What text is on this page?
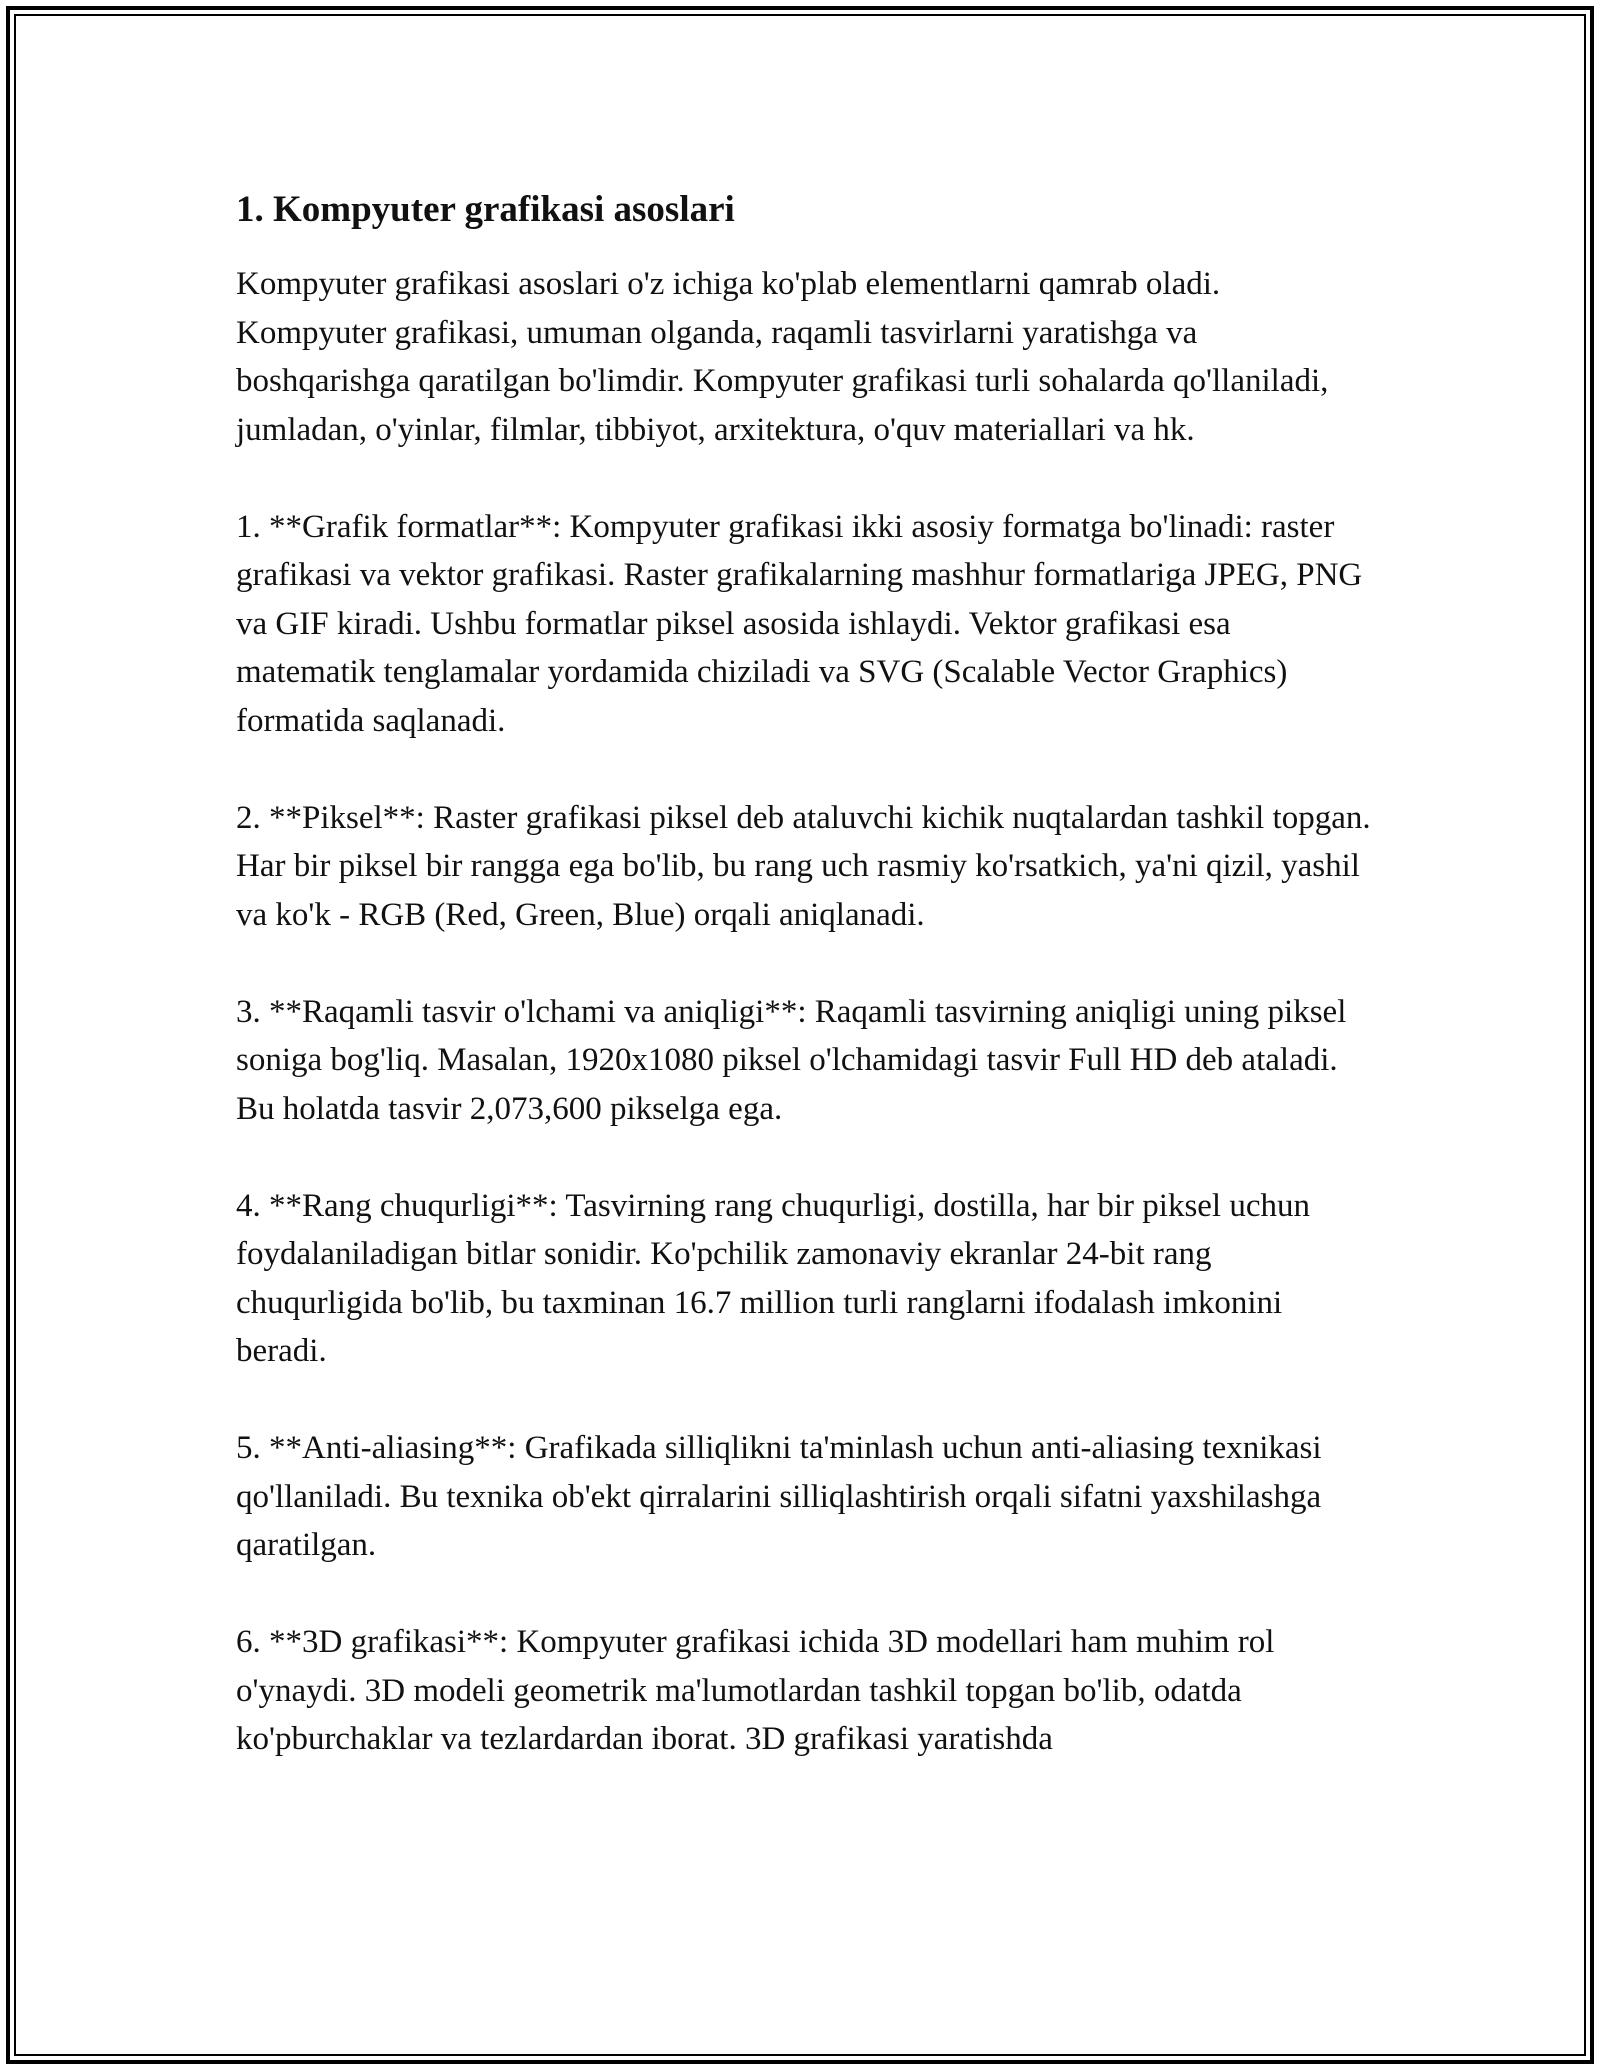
1. Kompyuter grafikasi asoslari

Kompyuter grafikasi asoslari o'z ichiga ko'plab elementlarni qamrab oladi. Kompyuter grafikasi, umuman olganda, raqamli tasvirlarni yaratishga va boshqarishga qaratilgan bo'limdir. Kompyuter grafikasi turli sohalarda qo'llaniladi, jumladan, o'yinlar, filmlar, tibbiyot, arxitektura, o'quv materiallari va hk.

1. **Grafik formatlar**: Kompyuter grafikasi ikki asosiy formatga bo'linadi: raster grafikasi va vektor grafikasi. Raster grafikalarning mashhur formatlariga JPEG, PNG va GIF kiradi. Ushbu formatlar piksel asosida ishlaydi. Vektor grafikasi esa matematik tenglamalar yordamida chiziladi va SVG (Scalable Vector Graphics) formatida saqlanadi.

2. **Piksel**: Raster grafikasi piksel deb ataluvchi kichik nuqtalardan tashkil topgan. Har bir piksel bir rangga ega bo'lib, bu rang uch rasmiy ko'rsatkich, ya'ni qizil, yashil va ko'k - RGB (Red, Green, Blue) orqali aniqlanadi.

3. **Raqamli tasvir o'lchami va aniqligi**: Raqamli tasvirning aniqligi uning piksel soniga bog'liq. Masalan, 1920x1080 piksel o'lchamidagi tasvir Full HD deb ataladi. Bu holatda tasvir 2,073,600 pikselga ega.

4. **Rang chuqurligi**: Tasvirning rang chuqurligi, dostilla, har bir piksel uchun foydalaniladigan bitlar sonidir. Ko'pchilik zamonaviy ekranlar 24-bit rang chuqurligida bo'lib, bu taxminan 16.7 million turli ranglarni ifodalash imkonini beradi.

5. **Anti-aliasing**: Grafikada silliqlikni ta'minlash uchun anti-aliasing texnikasi qo'llaniladi. Bu texnika ob'ekt qirralarini silliqlashtirish orqali sifatni yaxshilashga qaratilgan.

6. **3D grafikasi**: Kompyuter grafikasi ichida 3D modellari ham muhim rol o'ynaydi. 3D modeli geometrik ma'lumotlardan tashkil topgan bo'lib, odatda ko'pburchaklar va tezlardardan iborat. 3D grafikasi yaratishda
